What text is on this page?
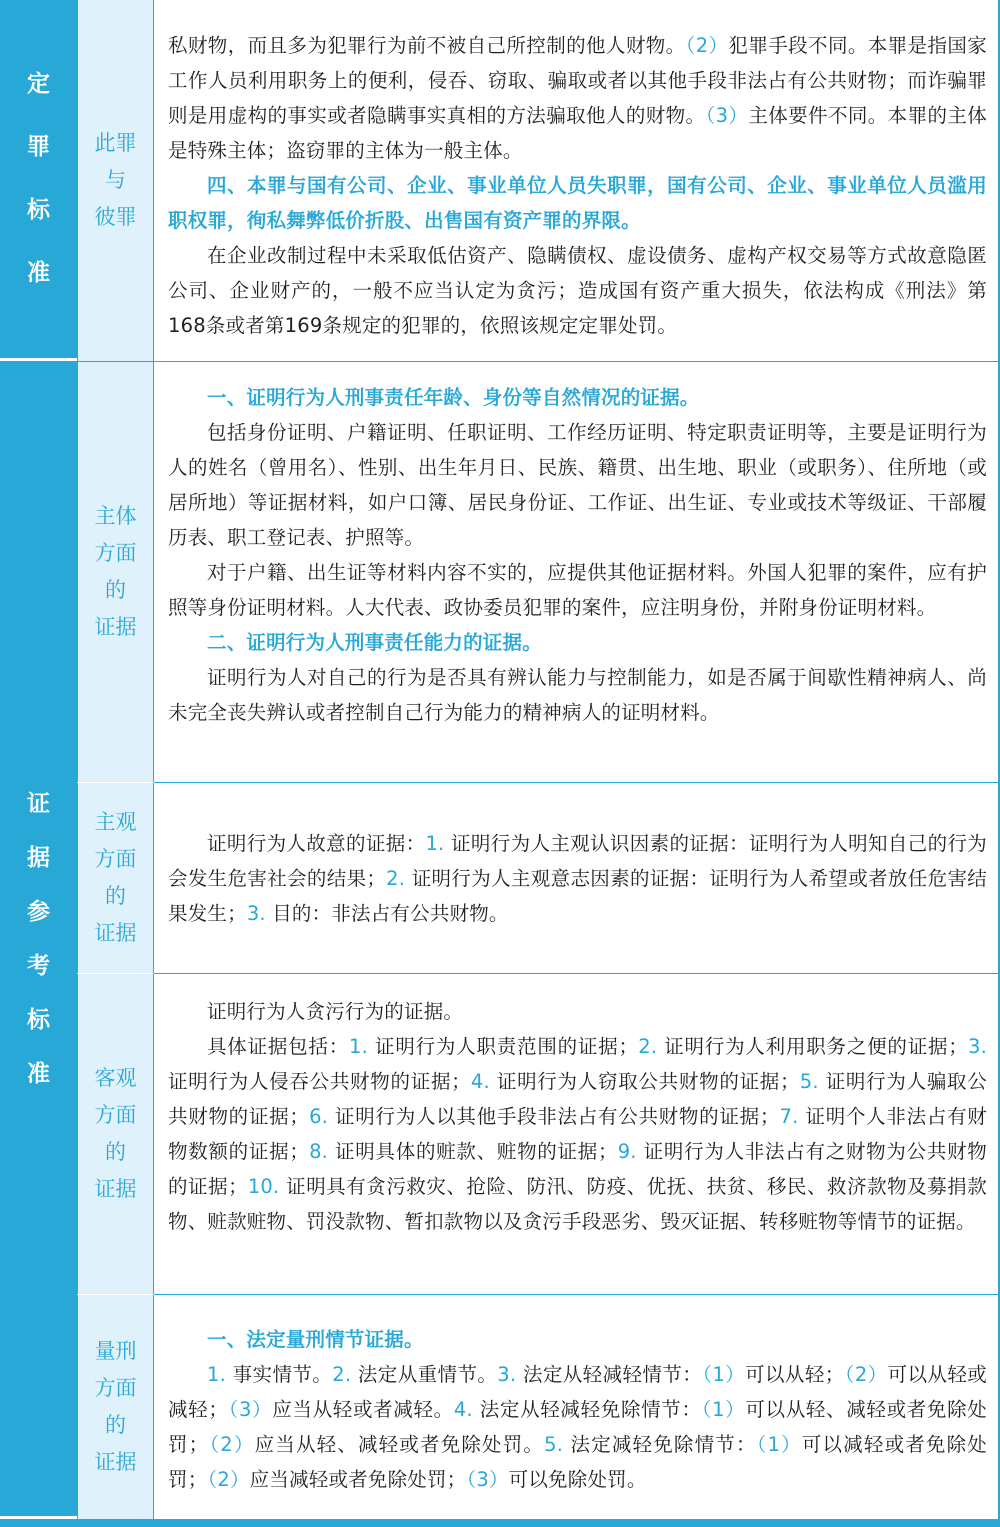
定
罪
标
准
此罪
与
彼罪

私财物，而且多为犯罪行为前不被自己所控制的他人财物。（2）犯罪手段不同。本罪是指国家工作人员利用职务上的便利，侵吞、窃取、骗取或者以其他手段非法占有公共财物；而诈骗罪则是用虚构的事实或者隐瞒事实真相的方法骗取他人的财物。（3）主体要件不同。本罪的主体是特殊主体；盗窃罪的主体为一般主体。

四、本罪与国有公司、企业、事业单位人员失职罪，国有公司、企业、事业单位人员滥用职权罪，徇私舞弊低价折股、出售国有资产罪的界限。

在企业改制过程中未采取低估资产、隐瞒债权、虚设债务、虚构产权交易等方式故意隐匿公司、企业财产的，一般不应当认定为贪污；造成国有资产重大损失，依法构成《刑法》第168条或者第169条规定的犯罪的，依照该规定定罪处罚。

证
据
参
考
标
准
主体
方面
的
证据

一、证明行为人刑事责任年龄、身份等自然情况的证据。

包括身份证明、户籍证明、任职证明、工作经历证明、特定职责证明等，主要是证明行为人的姓名（曾用名）、性别、出生年月日、民族、籍贯、出生地、职业（或职务）、住所地（或居所地）等证据材料，如户口簿、居民身份证、工作证、出生证、专业或技术等级证、干部履历表、职工登记表、护照等。

对于户籍、出生证等材料内容不实的，应提供其他证据材料。外国人犯罪的案件，应有护照等身份证明材料。人大代表、政协委员犯罪的案件，应注明身份，并附身份证明材料。

二、证明行为人刑事责任能力的证据。

证明行为人对自己的行为是否具有辨认能力与控制能力，如是否属于间歇性精神病人、尚未完全丧失辨认或者控制自己行为能力的精神病人的证明材料。

主观
方面
的
证据

证明行为人故意的证据：1. 证明行为人主观认识因素的证据：证明行为人明知自己的行为会发生危害社会的结果；2. 证明行为人主观意志因素的证据：证明行为人希望或者放任危害结果发生；3. 目的：非法占有公共财物。

客观
方面
的
证据

证明行为人贪污行为的证据。

具体证据包括：1. 证明行为人职责范围的证据；2. 证明行为人利用职务之便的证据；3. 证明行为人侵吞公共财物的证据；4. 证明行为人窃取公共财物的证据；5. 证明行为人骗取公共财物的证据；6. 证明行为人以其他手段非法占有公共财物的证据；7. 证明个人非法占有财物数额的证据；8. 证明具体的赃款、赃物的证据；9. 证明行为人非法占有之财物为公共财物的证据；10. 证明具有贪污救灾、抢险、防汛、防疫、优抚、扶贫、移民、救济款物及募捐款物、赃款赃物、罚没款物、暂扣款物以及贪污手段恶劣、毁灭证据、转移赃物等情节的证据。

量刑
方面
的
证据

一、法定量刑情节证据。

1. 事实情节。2. 法定从重情节。3. 法定从轻减轻情节：（1）可以从轻；（2）可以从轻或减轻；（3）应当从轻或者减轻。4. 法定从轻减轻免除情节：（1）可以从轻、减轻或者免除处罚；（2）应当从轻、减轻或者免除处罚。5. 法定减轻免除情节：（1）可以减轻或者免除处罚；（2）应当减轻或者免除处罚；（3）可以免除处罚。
